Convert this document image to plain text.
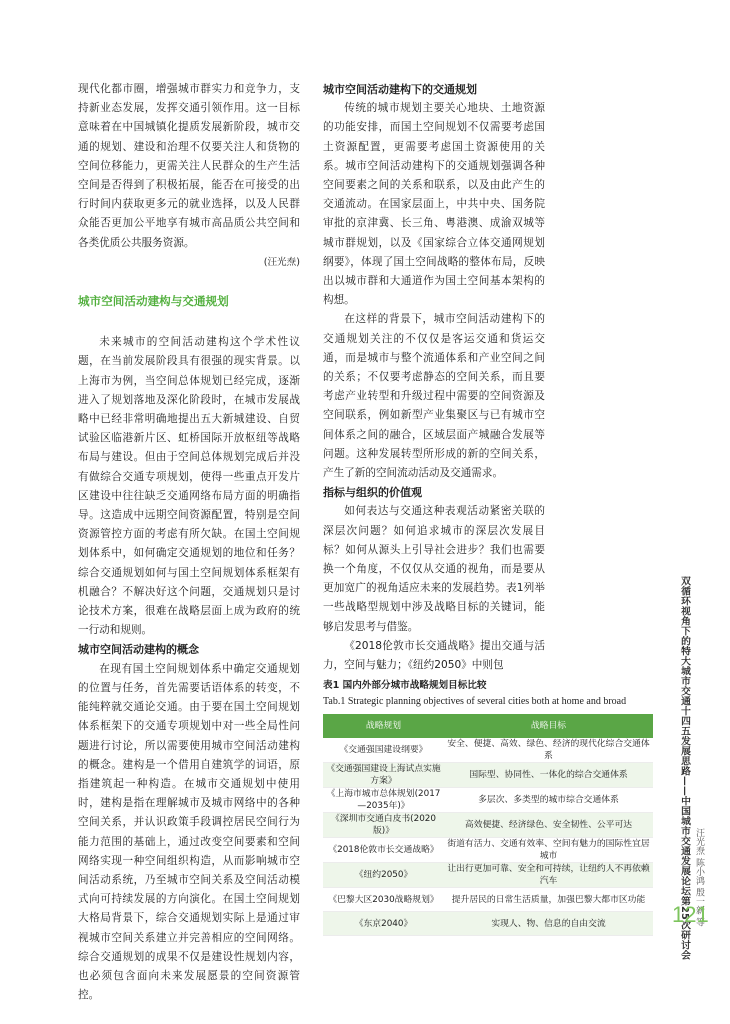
现代化都市圈，增强城市群实力和竞争力，支持新业态发展，发挥交通引领作用。这一目标意味着在中国城镇化提质发展新阶段，城市交通的规划、建设和治理不仅要关注人和货物的空间位移能力，更需关注人民群众的生产生活空间是否得到了积极拓展，能否在可接受的出行时间内获取更多元的就业选择，以及人民群众能否更加公平地享有城市高品质公共空间和各类优质公共服务资源。

(汪光焘)
城市空间活动建构与交通规划

未来城市的空间活动建构这个学术性议题，在当前发展阶段具有很强的现实背景。以上海市为例，当空间总体规划已经完成，逐渐进入了规划落地及深化阶段时，在城市发展战略中已经非常明确地提出五大新城建设、自贸试验区临港新片区、虹桥国际开放枢纽等战略布局与建设。但由于空间总体规划完成后并没有做综合交通专项规划，使得一些重点开发片区建设中往往缺乏交通网络布局方面的明确指导。这造成中远期空间资源配置，特别是空间资源管控方面的考虑有所欠缺。在国土空间规划体系中，如何确定交通规划的地位和任务？综合交通规划如何与国土空间规划体系框架有机融合？不解决好这个问题，交通规划只是讨论技术方案，很难在战略层面上成为政府的统一行动和规则。

城市空间活动建构的概念

在现有国土空间规划体系中确定交通规划的位置与任务，首先需要话语体系的转变，不能纯粹就交通论交通。由于要在国土空间规划体系框架下的交通专项规划中对一些全局性问题进行讨论，所以需要使用城市空间活动建构的概念。建构是一个借用自建筑学的词语，原指建筑起一种构造。在城市交通规划中使用时，建构是指在理解城市及城市网络中的各种空间关系，并认识政策手段调控居民空间行为能力范围的基础上，通过改变空间要素和空间网络实现一种空间组织构造，从而影响城市空间活动系统，乃至城市空间关系及空间活动模式向可持续发展的方向演化。在国土空间规划大格局背景下，综合交通规划实际上是通过审视城市空间关系建立并完善相应的空间网络。综合交通规划的成果不仅是建设性规划内容，也必须包含面向未来发展愿景的空间资源管控。

城市空间活动建构下的交通规划

传统的城市规划主要关心地块、土地资源的功能安排，而国土空间规划不仅需要考虑国土资源配置，更需要考虑国土资源使用的关系。城市空间活动建构下的交通规划强调各种空间要素之间的关系和联系，以及由此产生的交通流动。在国家层面上，中共中央、国务院审批的京津冀、长三角、粤港澳、成渝双城等城市群规划，以及《国家综合立体交通网规划纲要》，体现了国土空间战略的整体布局，反映出以城市群和大通道作为国土空间基本架构的构想。

在这样的背景下，城市空间活动建构下的交通规划关注的不仅仅是客运交通和货运交通，而是城市与整个流通体系和产业空间之间的关系；不仅要考虑静态的空间关系，而且要考虑产业转型和升级过程中需要的空间资源及空间联系，例如新型产业集聚区与已有城市空间体系之间的融合，区域层面产城融合发展等问题。这种发展转型所形成的新的空间关系，产生了新的空间流动活动及交通需求。

指标与组织的价值观

如何表达与交通这种表观活动紧密关联的深层次问题？如何追求城市的深层次发展目标？如何从源头上引导社会进步？我们也需要换一个角度，不仅仅从交通的视角，而是要从更加宽广的视角适应未来的发展趋势。表1列举一些战略型规划中涉及战略目标的关键词，能够启发思考与借鉴。

《2018伦敦市长交通战略》提出交通与活力，空间与魅力；《纽约2050》中则包

表1 国内外部分城市战略规划目标比较
Tab.1 Strategic planning objectives of several cities both at home and broad
战略规划	战略目标
《交通强国建设纲要》	安全、便捷、高效、绿色、经济的现代化综合交通体系
《交通强国建设上海试点实施方案》	国际型、协同性、一体化的综合交通体系
《上海市城市总体规划(2017—2035年)》	多层次、多类型的城市综合交通体系
《深圳市交通白皮书(2020版)》	高效便捷、经济绿色、安全韧性、公平可达
《2018伦敦市长交通战略》	街道有活力、交通有效率、空间有魅力的国际性宜居城市
《纽约2050》	让出行更加可靠、安全和可持续，让纽约人不再依赖汽车
《巴黎大区2030战略规划》	提升居民的日常生活质量，加强巴黎大都市区功能
《东京2040》	实现人、物、信息的自由交流	双循环视角下的特大城市交通十四五发展思路——中国城市交通发展论坛第25次研讨会 汪光焘 陈小鸿 殷一新 等
121
